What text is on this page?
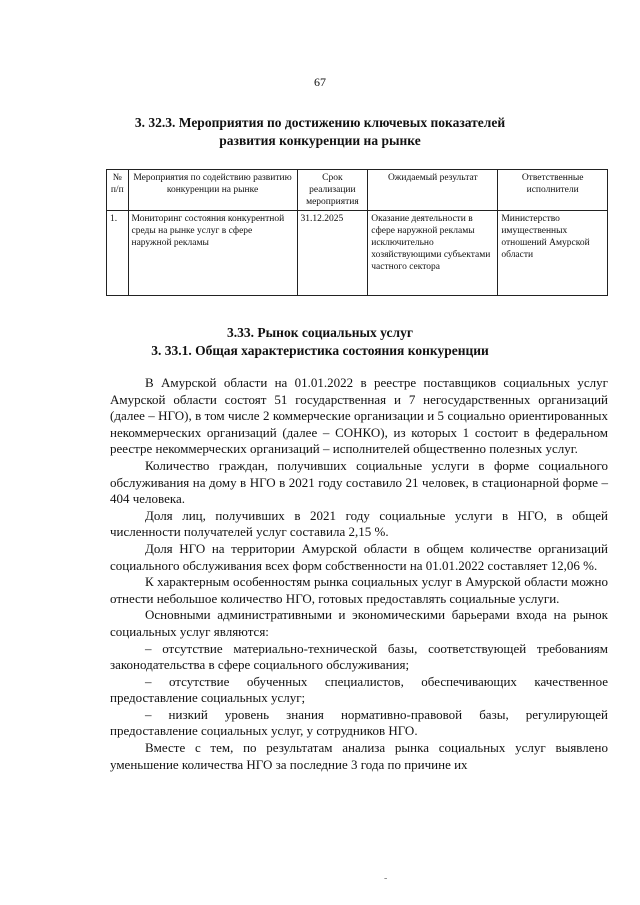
67
3. 32.3. Мероприятия по достижению ключевых показателей
развития конкуренции на рынке
№ п/п	Мероприятия по содействию развитию конкуренции на рынке	Срок реализации мероприятия	Ожидаемый результат	Ответственные исполнители
1.	Мониторинг состояния конкурентной среды на рынке услуг в сфере наружной рекламы	31.12.2025	Оказание деятельности в сфере наружной рекламы исключительно хозяйствующими субъектами частного сектора	Министерство имущественных отношений Амурской области
3.33. Рынок социальных услуг
3. 33.1. Общая характеристика состояния конкуренции

В Амурской области на 01.01.2022 в реестре поставщиков социальных услуг Амурской области состоят 51 государственная и 7 негосударственных организаций (далее – НГО), в том числе 2 коммерческие организации и 5 социально ориентированных некоммерческих организаций (далее – СОНКО), из которых 1 состоит в федеральном реестре некоммерческих организаций – исполнителей общественно полезных услуг.

Количество граждан, получивших социальные услуги в форме социального обслуживания на дому в НГО в 2021 году составило 21 человек, в стационарной форме – 404 человека.

Доля лиц, получивших в 2021 году социальные услуги в НГО, в общей численности получателей услуг составила 2,15 %.

Доля НГО на территории Амурской области в общем количестве организаций социального обслуживания всех форм собственности на 01.01.2022 составляет 12,06 %.

К характерным особенностям рынка социальных услуг в Амурской области можно отнести небольшое количество НГО, готовых предоставлять социальные услуги.

Основными административными и экономическими барьерами входа на рынок социальных услуг являются:

– отсутствие материально-технической базы, соответствующей требованиям законодательства в сфере социального обслуживания;

– отсутствие обученных специалистов, обеспечивающих качественное предоставление социальных услуг;

– низкий уровень знания нормативно-правовой базы, регулирующей предоставление социальных услуг, у сотрудников НГО.

Вместе с тем, по результатам анализа рынка социальных услуг выявлено уменьшение количества НГО за последние 3 года по причине их

-
